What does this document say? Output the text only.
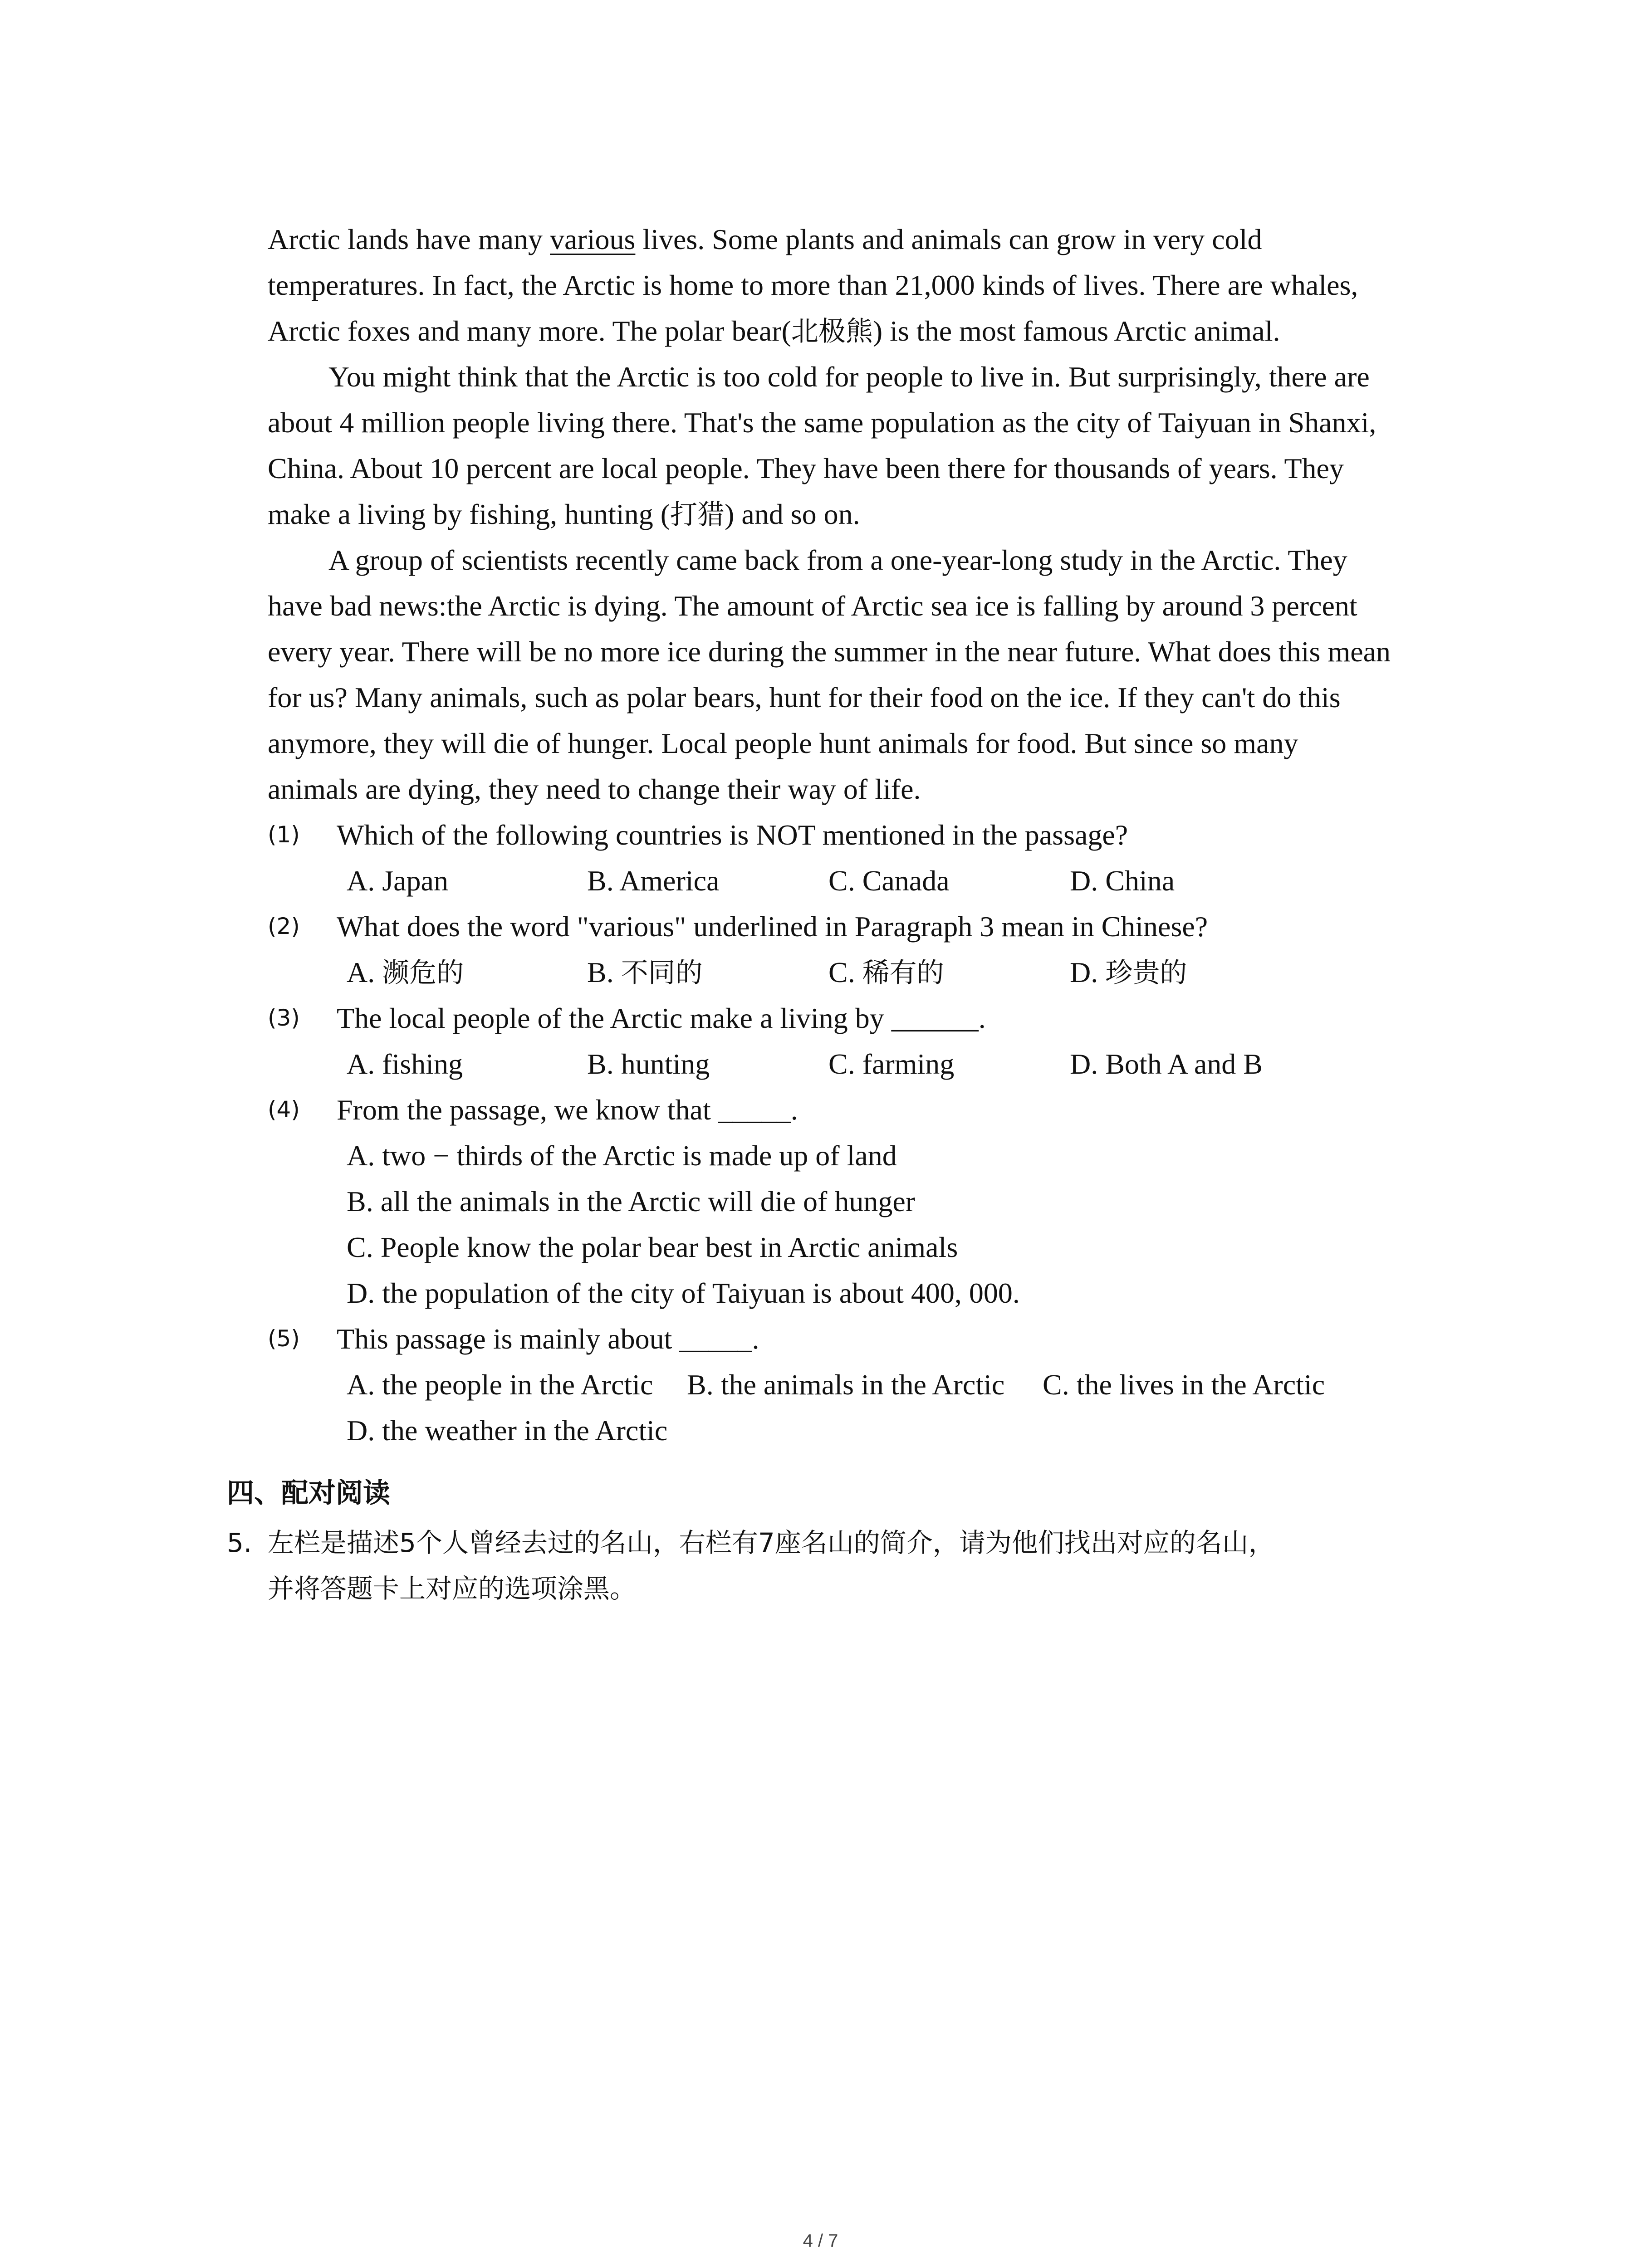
Arctic lands have many various lives. Some plants and animals can grow in very cold
temperatures. In fact, the Arctic is home to more than 21,000 kinds of lives. There are whales,
Arctic foxes and many more. The polar bear(北极熊) is the most famous Arctic animal.
You might think that the Arctic is too cold for people to live in. But surprisingly, there are
about 4 million people living there. That's the same population as the city of Taiyuan in Shanxi,
China. About 10 percent are local people. They have been there for thousands of years. They
make a living by fishing, hunting (打猎) and so on.
A group of scientists recently came back from a one-year-long study in the Arctic. They
have bad news:the Arctic is dying. The amount of Arctic sea ice is falling by around 3 percent
every year. There will be no more ice during the summer in the near future. What does this mean
for us? Many animals, such as polar bears, hunt for their food on the ice. If they can't do this
anymore, they will die of hunger. Local people hunt animals for food. But since so many
animals are dying, they need to change their way of life.
(1) Which of the following countries is NOT mentioned in the passage?
A. Japan	B. America	C. Canada	D. China
(2) What does the word "various" underlined in Paragraph 3 mean in Chinese?
A. 濒危的	B. 不同的	C. 稀有的	D. 珍贵的
(3) The local people of the Arctic make a living by ______.
A. fishing	B. hunting	C. farming	D. Both A and B
(4) From the passage, we know that _____.
A. two − thirds of the Arctic is made up of land
B. all the animals in the Arctic will die of hunger
C. People know the polar bear best in Arctic animals
D. the population of the city of Taiyuan is about 400, 000.
(5) This passage is mainly about _____.
A. the people in the Arctic B. the animals in the Arctic C. the lives in the Arctic
D. the weather in the Arctic
四、配对阅读
5. 左栏是描述5个人曾经去过的名山，右栏有7座名山的简介，请为他们找出对应的名山，
并将答题卡上对应的选项涂黑。
4 / 7
